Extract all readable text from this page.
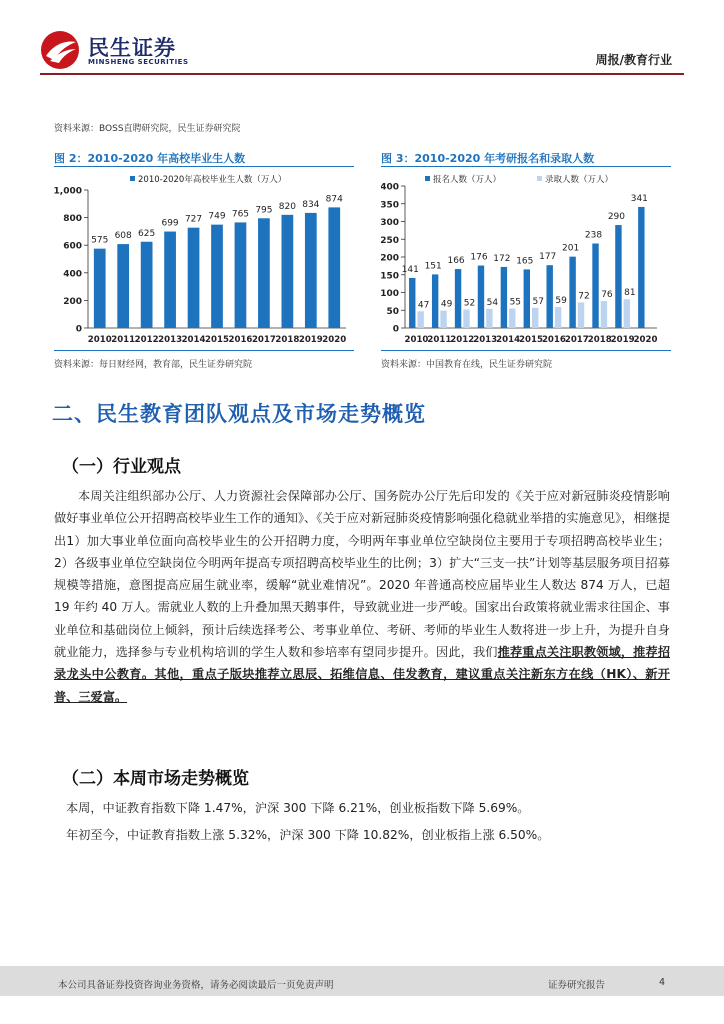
民生证券
MINSHENG SECURITIES	周报/教育行业
资料来源：BOSS直聘研究院，民生证券研究院
图 2：2010-2020 年高校毕业生人数	图 3：2010-2020 年考研报名和录取人数
0
200
400
600
800
1,000
2010
575
2011
608
2012
625
2013
699
2014
727
2015
749
2016
765
2017
795
2018
820
2019
834
2020
874
2010-2020年高校毕业生人数（万人）
0
50
100
150
200
250
300
350
400
2010
141
47
2011
151
49
2012
166
52
2013
176
54
2014
172
55
2015
165
57
2016
177
59
2017
201
72
2018
238
76
2019
290
81
2020
341
报名人数（万人）	录取人数（万人）
资料来源：每日财经网，教育部，民生证券研究院	资料来源：中国教育在线，民生证券研究院
二、民生教育团队观点及市场走势概览
（一）行业观点
本周关注组织部办公厅、人力资源社会保障部办公厅、国务院办公厅先后印发的《关于应对新冠肺炎疫情影响做好事业单位公开招聘高校毕业生工作的通知》、《关于应对新冠肺炎疫情影响强化稳就业举措的实施意见》，相继提出1）加大事业单位面向高校毕业生的公开招聘力度，今明两年事业单位空缺岗位主要用于专项招聘高校毕业生；2）各级事业单位空缺岗位今明两年提高专项招聘高校毕业生的比例；3）扩大“三支一扶”计划等基层服务项目招募规模等措施，意图提高应届生就业率，缓解“就业难情况”。2020 年普通高校应届毕业生人数达 874 万人，已超 19 年约 40 万人。需就业人数的上升叠加黑天鹅事件，导致就业进一步严峻。国家出台政策将就业需求往国企、事业单位和基础岗位上倾斜，预计后续选择考公、考事业单位、考研、考师的毕业生人数将进一步上升，为提升自身就业能力，选择参与专业机构培训的学生人数和参培率有望同步提升。因此，我们推荐重点关注职教领域，推荐招录龙头中公教育。其他，重点子版块推荐立思辰、拓维信息、佳发教育，建议重点关注新东方在线（HK）、新开普、三爱富。
（二）本周市场走势概览
本周，中证教育指数下降 1.47%，沪深 300 下降 6.21%，创业板指数下降 5.69%。
年初至今，中证教育指数上涨 5.32%，沪深 300 下降 10.82%，创业板指上涨 6.50%。
本公司具备证券投资咨询业务资格，请务必阅读最后一页免责声明	证券研究报告	4
